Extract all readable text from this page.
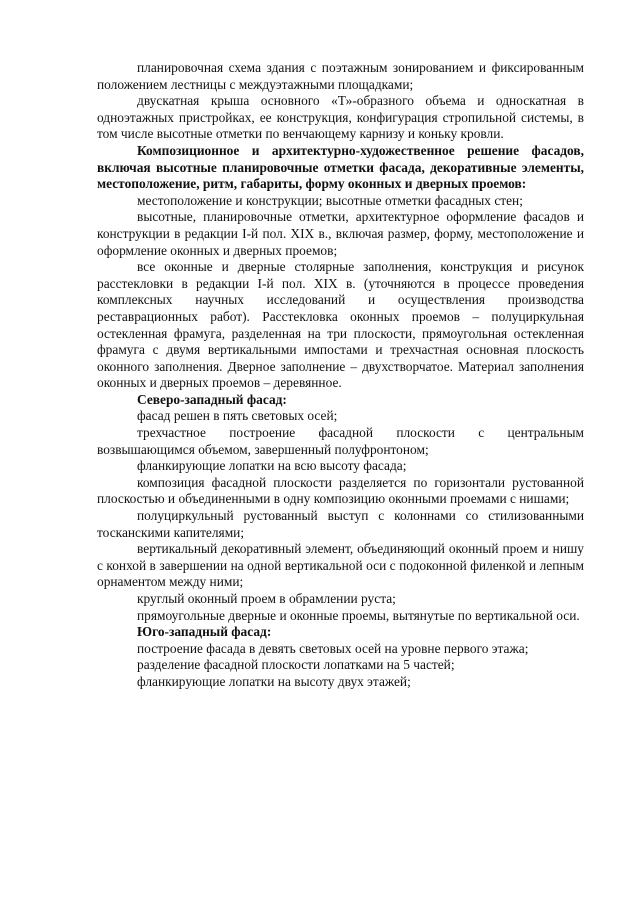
планировочная схема здания с поэтажным зонированием и фиксированным положением лестницы с междуэтажными площадками;

двускатная крыша основного «Т»-образного объема и односкатная в одноэтажных пристройках, ее конструкция, конфигурация стропильной системы, в том числе высотные отметки по венчающему карнизу и коньку кровли.

Композиционное и архитектурно-художественное решение фасадов, включая высотные планировочные отметки фасада, декоративные элементы, местоположение, ритм, габариты, форму оконных и дверных проемов:

местоположение и конструкции; высотные отметки фасадных стен;

высотные, планировочные отметки, архитектурное оформление фасадов и конструкции в редакции I-й пол. XIX в., включая размер, форму, местоположение и оформление оконных и дверных проемов;

все оконные и дверные столярные заполнения, конструкция и рисунок расстекловки в редакции I-й пол. XIX в. (уточняются в процессе проведения комплексных научных исследований и осуществления производства реставрационных работ). Расстекловка оконных проемов – полуциркульная остекленная фрамуга, разделенная на три плоскости, прямоугольная остекленная фрамуга с двумя вертикальными импостами и трехчастная основная плоскость оконного заполнения. Дверное заполнение – двухстворчатое. Материал заполнения оконных и дверных проемов – деревянное.

Северо-западный фасад:

фасад решен в пять световых осей;

трехчастное построение фасадной плоскости с центральным возвышающимся объемом, завершенный полуфронтоном;

фланкирующие лопатки на всю высоту фасада;

композиция фасадной плоскости разделяется по горизонтали рустованной плоскостью и объединенными в одну композицию оконными проемами с нишами;

полуциркульный рустованный выступ с колоннами со стилизованными тосканскими капителями;

вертикальный декоративный элемент, объединяющий оконный проем и нишу с конхой в завершении на одной вертикальной оси с подоконной филенкой и лепным орнаментом между ними;

круглый оконный проем в обрамлении руста;

прямоугольные дверные и оконные проемы, вытянутые по вертикальной оси.

Юго-западный фасад:

построение фасада в девять световых осей на уровне первого этажа;

разделение фасадной плоскости лопатками на 5 частей;

фланкирующие лопатки на высоту двух этажей;
